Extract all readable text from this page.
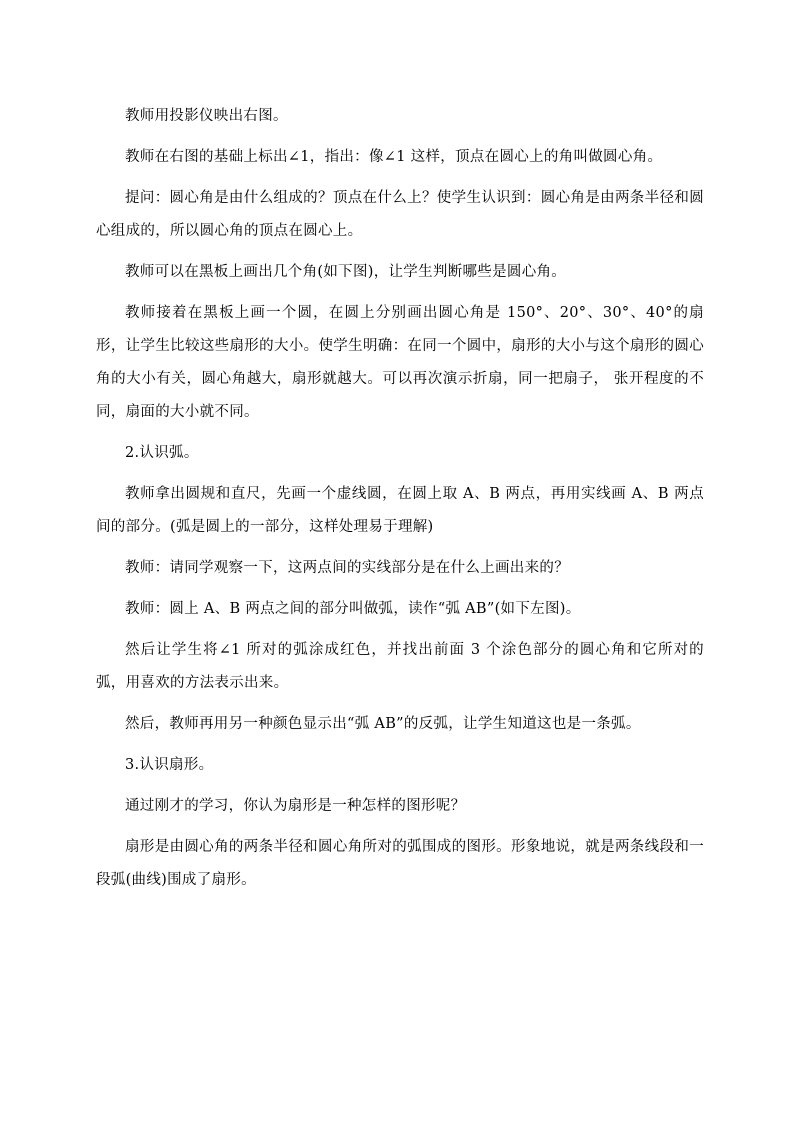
教师用投影仪映出右图。

教师在右图的基础上标出∠1，指出：像∠1 这样，顶点在圆心上的角叫做圆心角。

提问：圆心角是由什么组成的？顶点在什么上？使学生认识到：圆心角是由两条半径和圆心组成的，所以圆心角的顶点在圆心上。

教师可以在黑板上画出几个角(如下图)，让学生判断哪些是圆心角。

教师接着在黑板上画一个圆，在圆上分别画出圆心角是 150°、20°、30°、40°的扇形，让学生比较这些扇形的大小。使学生明确：在同一个圆中，扇形的大小与这个扇形的圆心角的大小有关，圆心角越大，扇形就越大。可以再次演示折扇，同一把扇子， 张开程度的不同，扇面的大小就不同。

2.认识弧。

教师拿出圆规和直尺，先画一个虚线圆，在圆上取 A、B 两点，再用实线画 A、B 两点间的部分。(弧是圆上的一部分，这样处理易于理解)

教师：请同学观察一下，这两点间的实线部分是在什么上画出来的？

教师：圆上 A、B 两点之间的部分叫做弧，读作“弧 AB”(如下左图)。

然后让学生将∠1 所对的弧涂成红色，并找出前面 3 个涂色部分的圆心角和它所对的弧，用喜欢的方法表示出来。

然后，教师再用另一种颜色显示出“弧 AB”的反弧，让学生知道这也是一条弧。

3.认识扇形。

通过刚才的学习，你认为扇形是一种怎样的图形呢？

扇形是由圆心角的两条半径和圆心角所对的弧围成的图形。形象地说，就是两条线段和一段弧(曲线)围成了扇形。
